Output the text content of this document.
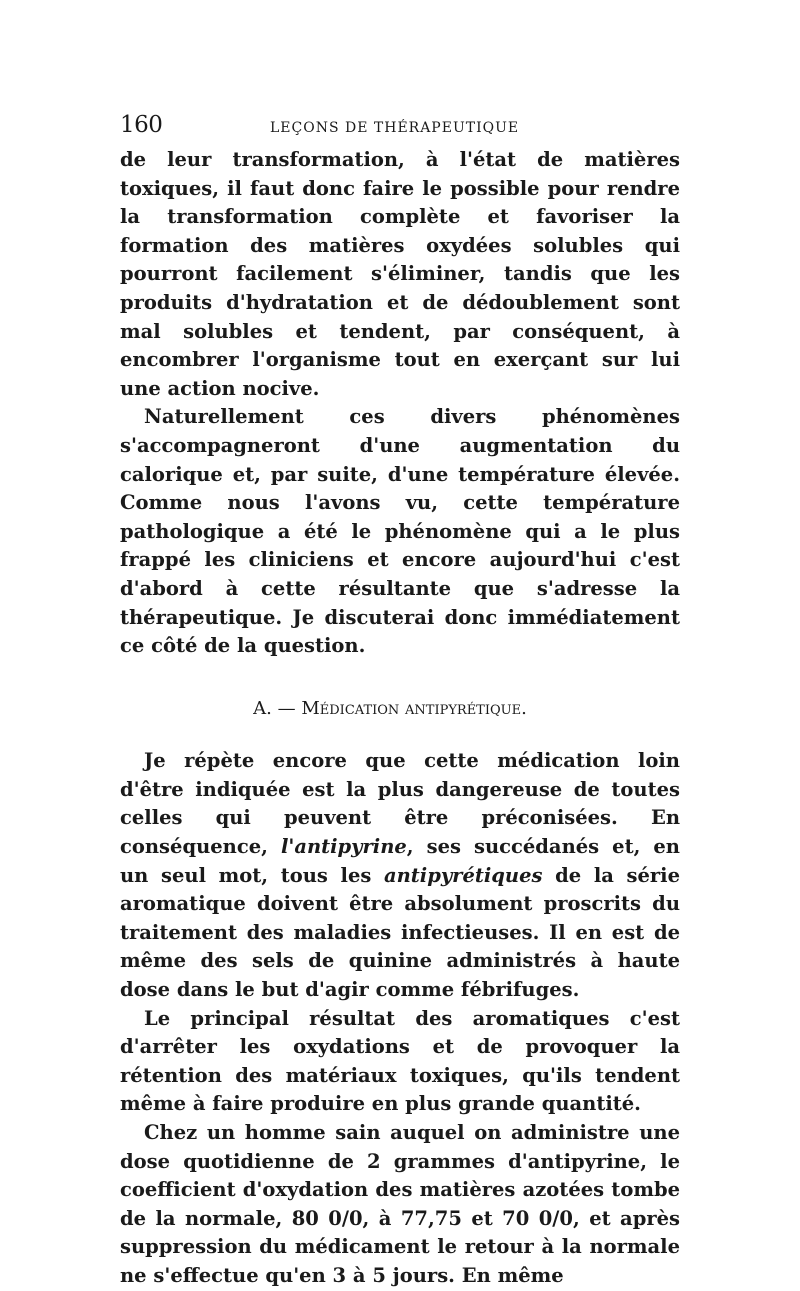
160	LEÇONS DE THÉRAPEUTIQUE

de leur transformation, à l'état de matières toxiques, il faut donc faire le possible pour rendre la transformation complète et favoriser la formation des matières oxydées solubles qui pourront facilement s'éliminer, tandis que les produits d'hydratation et de dédoublement sont mal solubles et tendent, par conséquent, à encombrer l'organisme tout en exerçant sur lui une action nocive.

Naturellement ces divers phénomènes s'accompagneront d'une augmentation du calorique et, par suite, d'une température élevée. Comme nous l'avons vu, cette température pathologique a été le phénomène qui a le plus frappé les cliniciens et encore aujourd'hui c'est d'abord à cette résultante que s'adresse la thérapeutique. Je discuterai donc immédiatement ce côté de la question.

A. — Médication antipyrétique.

Je répète encore que cette médication loin d'être indiquée est la plus dangereuse de toutes celles qui peuvent être préconisées. En conséquence, l'antipyrine, ses succédanés et, en un seul mot, tous les antipyrétiques de la série aromatique doivent être absolument proscrits du traitement des maladies infectieuses. Il en est de même des sels de quinine administrés à haute dose dans le but d'agir comme fébrifuges.

Le principal résultat des aromatiques c'est d'arrêter les oxydations et de provoquer la rétention des matériaux toxiques, qu'ils tendent même à faire produire en plus grande quantité.

Chez un homme sain auquel on administre une dose quotidienne de 2 grammes d'antipyrine, le coefficient d'oxydation des matières azotées tombe de la normale, 80 0/0, à 77,75 et 70 0/0, et après suppression du médicament le retour à la normale ne s'effectue qu'en 3 à 5 jours. En même
